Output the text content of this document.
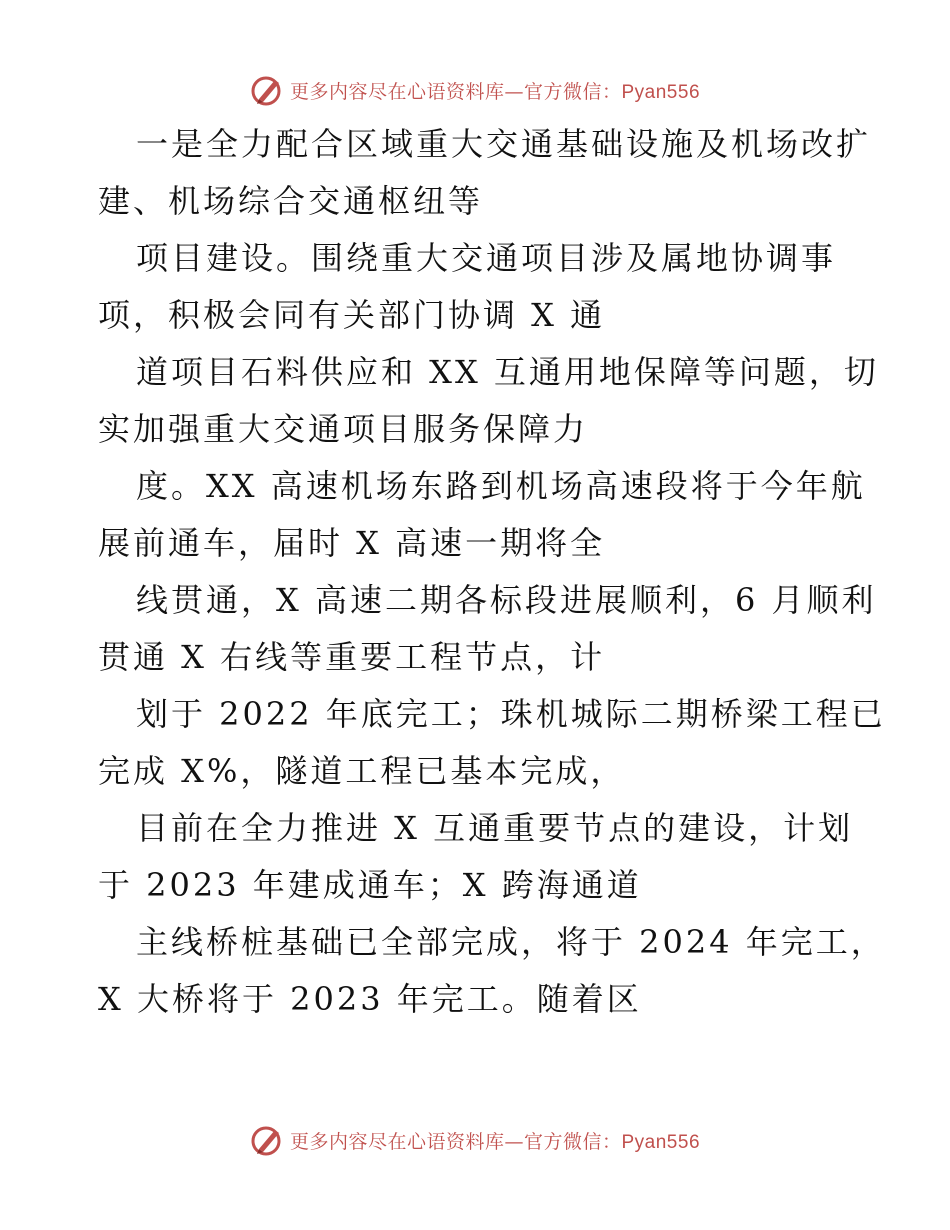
更多内容尽在心语资料库—官方微信：Pyan556
一是全力配合区域重大交通基础设施及机场改扩
建、机场综合交通枢纽等
项目建设。围绕重大交通项目涉及属地协调事
项，积极会同有关部门协调 X 通
道项目石料供应和 XX 互通用地保障等问题，切
实加强重大交通项目服务保障力
度。XX 高速机场东路到机场高速段将于今年航
展前通车，届时 X 高速一期将全
线贯通，X 高速二期各标段进展顺利，6 月顺利
贯通 X 右线等重要工程节点，计
划于 2022 年底完工；珠机城际二期桥梁工程已
完成 X%，隧道工程已基本完成，
目前在全力推进 X 互通重要节点的建设，计划
于 2023 年建成通车；X 跨海通道
主线桥桩基础已全部完成，将于 2024 年完工，
X 大桥将于 2023 年完工。随着区
更多内容尽在心语资料库—官方微信：Pyan556
